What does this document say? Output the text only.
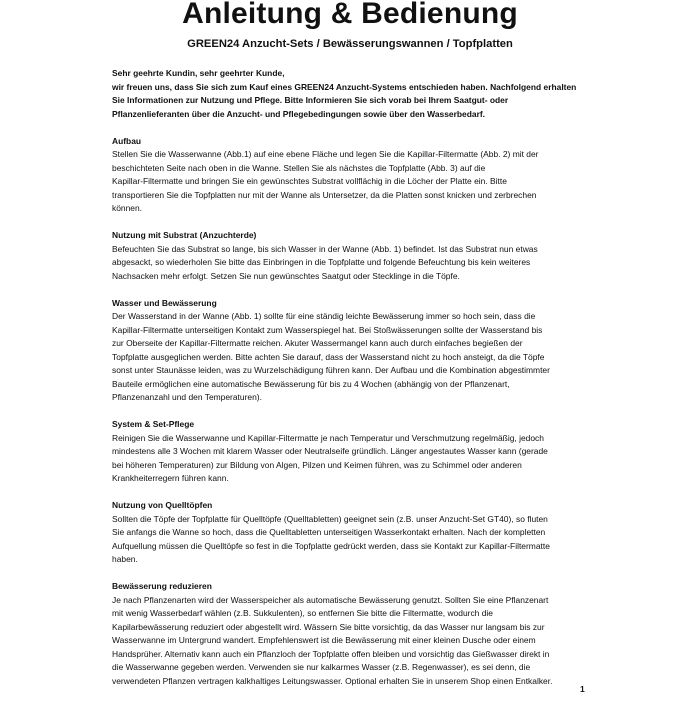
Anleitung & Bedienung
GREEN24 Anzucht-Sets / Bewässerungswannen / Topfplatten
Sehr geehrte Kundin, sehr geehrter Kunde,
wir freuen uns, dass Sie sich zum Kauf eines GREEN24 Anzucht-Systems entschieden haben. Nachfolgend erhalten
Sie Informationen zur Nutzung und Pflege. Bitte Informieren Sie sich vorab bei Ihrem Saatgut- oder
Pflanzenlieferanten über die Anzucht- und Pflegebedingungen sowie über den Wasserbedarf.
Aufbau
Stellen Sie die Wasserwanne (Abb.1) auf eine ebene Fläche und legen Sie die Kapillar-Filtermatte (Abb. 2) mit der
beschichteten Seite nach oben in die Wanne. Stellen Sie als nächstes die Topfplatte (Abb. 3) auf die
Kapillar-Filtermatte und bringen Sie ein gewünschtes Substrat vollflächig in die Löcher der Platte ein. Bitte
transportieren Sie die Topfplatten nur mit der Wanne als Untersetzer, da die Platten sonst knicken und zerbrechen
können.
Nutzung mit Substrat (Anzuchterde)
Befeuchten Sie das Substrat so lange, bis sich Wasser in der Wanne (Abb. 1) befindet. Ist das Substrat nun etwas
abgesackt, so wiederholen Sie bitte das Einbringen in die Topfplatte und folgende Befeuchtung bis kein weiteres
Nachsacken mehr erfolgt. Setzen Sie nun gewünschtes Saatgut oder Stecklinge in die Töpfe.
Wasser und Bewässerung
Der Wasserstand in der Wanne (Abb. 1) sollte für eine ständig leichte Bewässerung immer so hoch sein, dass die
Kapillar-Filtermatte unterseitigen Kontakt zum Wasserspiegel hat. Bei Stoßwässerungen sollte der Wasserstand bis
zur Oberseite der Kapillar-Filtermatte reichen. Akuter Wassermangel kann auch durch einfaches begießen der
Topfplatte ausgeglichen werden. Bitte achten Sie darauf, dass der Wasserstand nicht zu hoch ansteigt, da die Töpfe
sonst unter Staunässe leiden, was zu Wurzelschädigung führen kann. Der Aufbau und die Kombination abgestimmter
Bauteile ermöglichen eine automatische Bewässerung für bis zu 4 Wochen (abhängig von der Pflanzenart,
Pflanzenanzahl und den Temperaturen).
System & Set-Pflege
Reinigen Sie die Wasserwanne und Kapillar-Filtermatte je nach Temperatur und Verschmutzung regelmäßig, jedoch
mindestens alle 3 Wochen mit klarem Wasser oder Neutralseife gründlich. Länger angestautes Wasser kann (gerade
bei höheren Temperaturen) zur Bildung von Algen, Pilzen und Keimen führen, was zu Schimmel oder anderen
Krankheiterregern führen kann.
Nutzung von Quelltöpfen
Sollten die Töpfe der Topfplatte für Quelltöpfe (Quelltabletten) geeignet sein (z.B. unser Anzucht-Set GT40), so fluten
Sie anfangs die Wanne so hoch, dass die Quelltabletten unterseitigen Wasserkontakt erhalten. Nach der kompletten
Aufquellung müssen die Quelltöpfe so fest in die Topfplatte gedrückt werden, dass sie Kontakt zur Kapillar-Filtermatte
haben.
Bewässerung reduzieren
Je nach Pflanzenarten wird der Wasserspeicher als automatische Bewässerung genutzt. Sollten Sie eine Pflanzenart
mit wenig Wasserbedarf wählen (z.B. Sukkulenten), so entfernen Sie bitte die Filtermatte, wodurch die
Kapilarbewässerung reduziert oder abgestellt wird. Wässern Sie bitte vorsichtig, da das Wasser nur langsam bis zur
Wasserwanne im Untergrund wandert. Empfehlenswert ist die Bewässerung mit einer kleinen Dusche oder einem
Handsprüher. Alternativ kann auch ein Pflanzloch der Topfplatte offen bleiben und vorsichtig das Gießwasser direkt in
die Wasserwanne gegeben werden. Verwenden sie nur kalkarmes Wasser (z.B. Regenwasser), es sei denn, die
verwendeten Pflanzen vertragen kalkhaltiges Leitungswasser. Optional erhalten Sie in unserem Shop einen Entkalker.
1
